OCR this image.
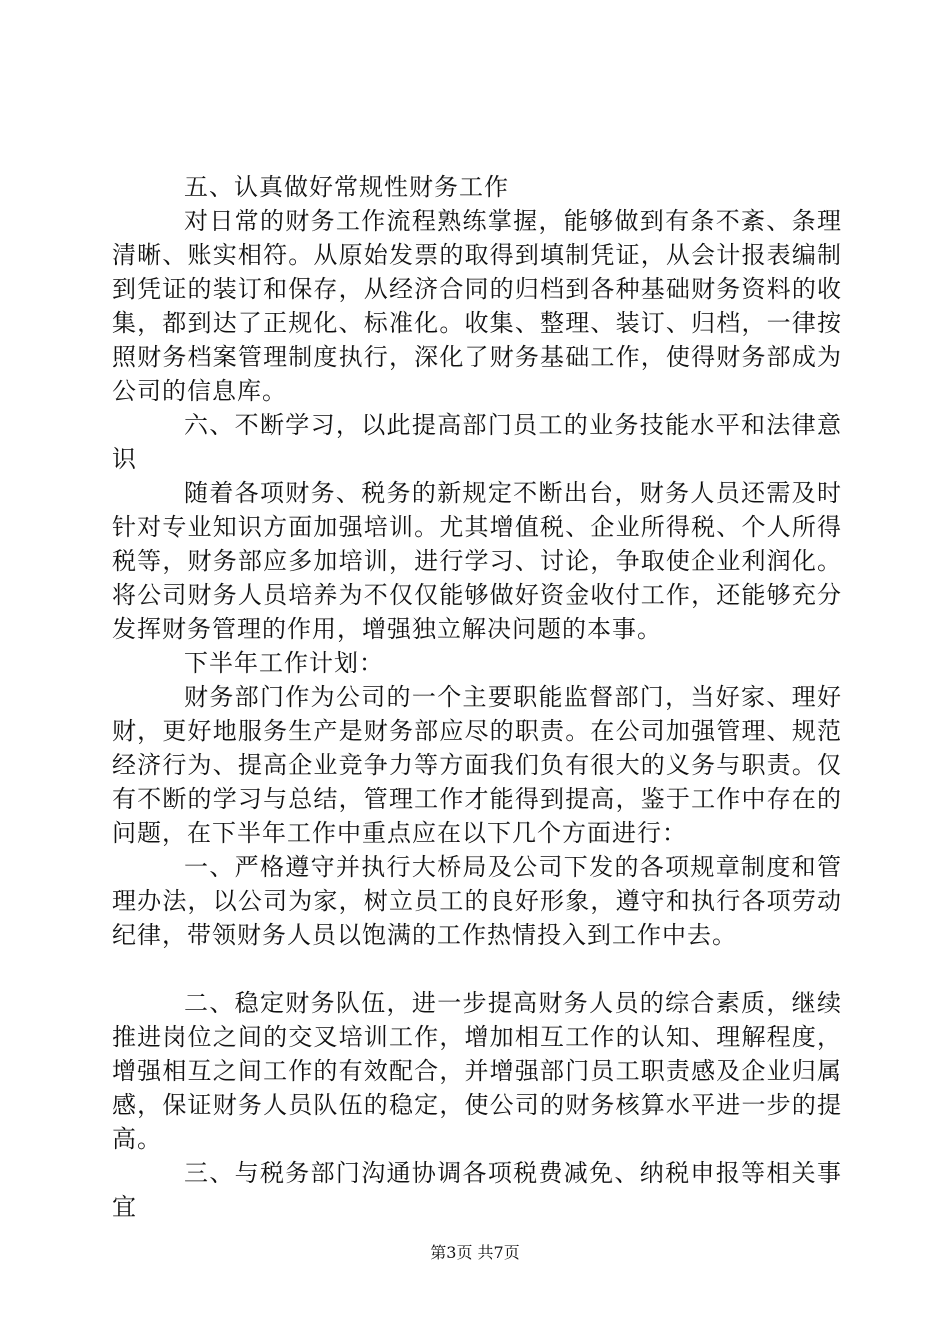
五、认真做好常规性财务工作

对日常的财务工作流程熟练掌握，能够做到有条不紊、条理清晰、账实相符。从原始发票的取得到填制凭证，从会计报表编制到凭证的装订和保存，从经济合同的归档到各种基础财务资料的收集，都到达了正规化、标准化。收集、整理、装订、归档，一律按照财务档案管理制度执行，深化了财务基础工作，使得财务部成为公司的信息库。

六、不断学习，以此提高部门员工的业务技能水平和法律意识

随着各项财务、税务的新规定不断出台，财务人员还需及时针对专业知识方面加强培训。尤其增值税、企业所得税、个人所得税等，财务部应多加培训，进行学习、讨论，争取使企业利润化。将公司财务人员培养为不仅仅能够做好资金收付工作，还能够充分发挥财务管理的作用，增强独立解决问题的本事。

下半年工作计划：

财务部门作为公司的一个主要职能监督部门，当好家、理好财，更好地服务生产是财务部应尽的职责。在公司加强管理、规范经济行为、提高企业竞争力等方面我们负有很大的义务与职责。仅有不断的学习与总结，管理工作才能得到提高，鉴于工作中存在的问题，在下半年工作中重点应在以下几个方面进行：

一、严格遵守并执行大桥局及公司下发的各项规章制度和管理办法，以公司为家，树立员工的良好形象，遵守和执行各项劳动纪律，带领财务人员以饱满的工作热情投入到工作中去。

二、稳定财务队伍，进一步提高财务人员的综合素质，继续推进岗位之间的交叉培训工作，增加相互工作的认知、理解程度，增强相互之间工作的有效配合，并增强部门员工职责感及企业归属感，保证财务人员队伍的稳定，使公司的财务核算水平进一步的提高。

三、与税务部门沟通协调各项税费减免、纳税申报等相关事宜

第3页 共7页
